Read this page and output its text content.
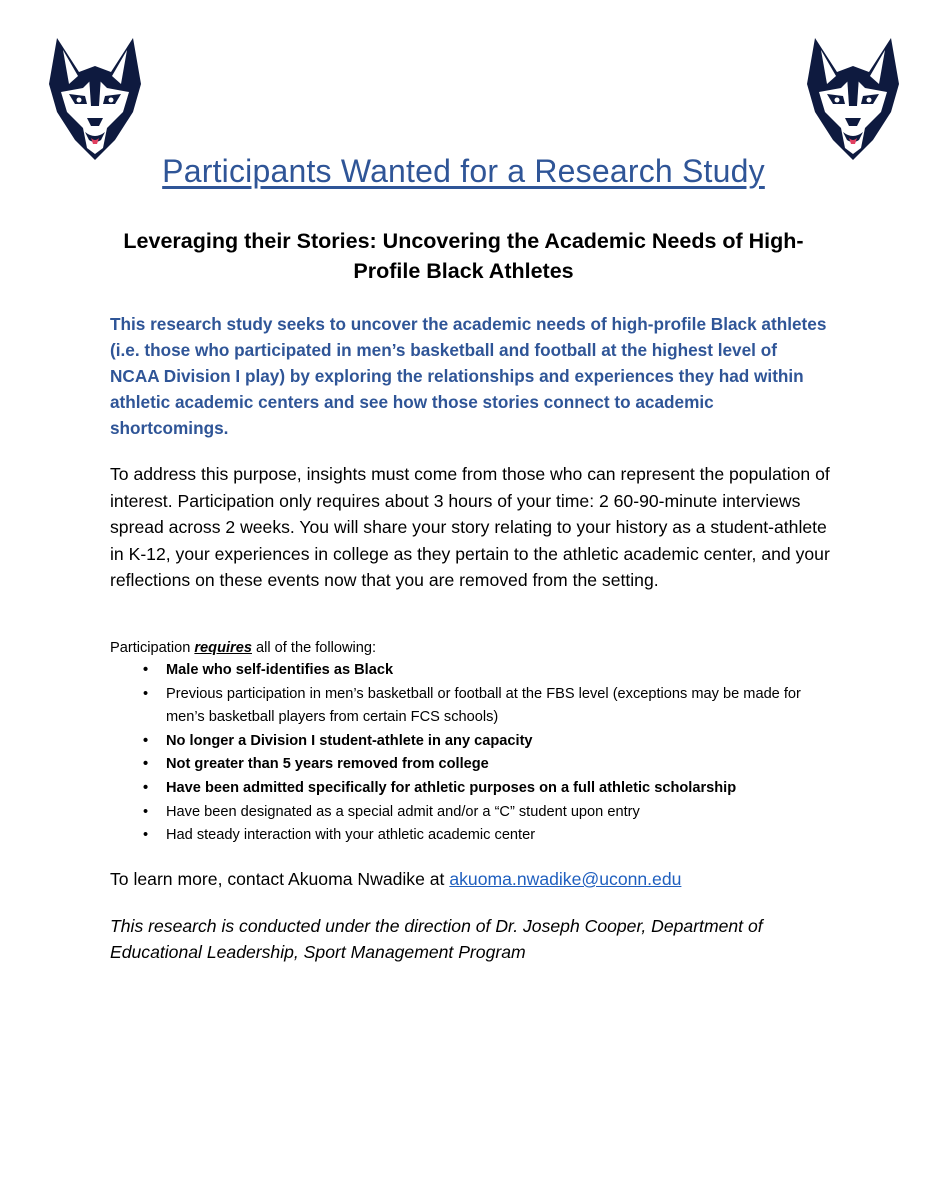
Participants Wanted for a Research Study
Leveraging their Stories: Uncovering the Academic Needs of High-Profile Black Athletes
This research study seeks to uncover the academic needs of high-profile Black athletes (i.e. those who participated in men’s basketball and football at the highest level of NCAA Division I play) by exploring the relationships and experiences they had within athletic academic centers and see how those stories connect to academic shortcomings.
To address this purpose, insights must come from those who can represent the population of interest. Participation only requires about 3 hours of your time: 2 60-90-minute interviews spread across 2 weeks. You will share your story relating to your history as a student-athlete in K-12, your experiences in college as they pertain to the athletic academic center, and your reflections on these events now that you are removed from the setting.
Participation requires all of the following:
• Male who self-identifies as Black
• Previous participation in men’s basketball or football at the FBS level (exceptions may be made for men’s basketball players from certain FCS schools)
• No longer a Division I student-athlete in any capacity
• Not greater than 5 years removed from college
• Have been admitted specifically for athletic purposes on a full athletic scholarship
• Have been designated as a special admit and/or a “C” student upon entry
• Had steady interaction with your athletic academic center
To learn more, contact Akuoma Nwadike at akuoma.nwadike@uconn.edu
This research is conducted under the direction of Dr. Joseph Cooper, Department of Educational Leadership, Sport Management Program
